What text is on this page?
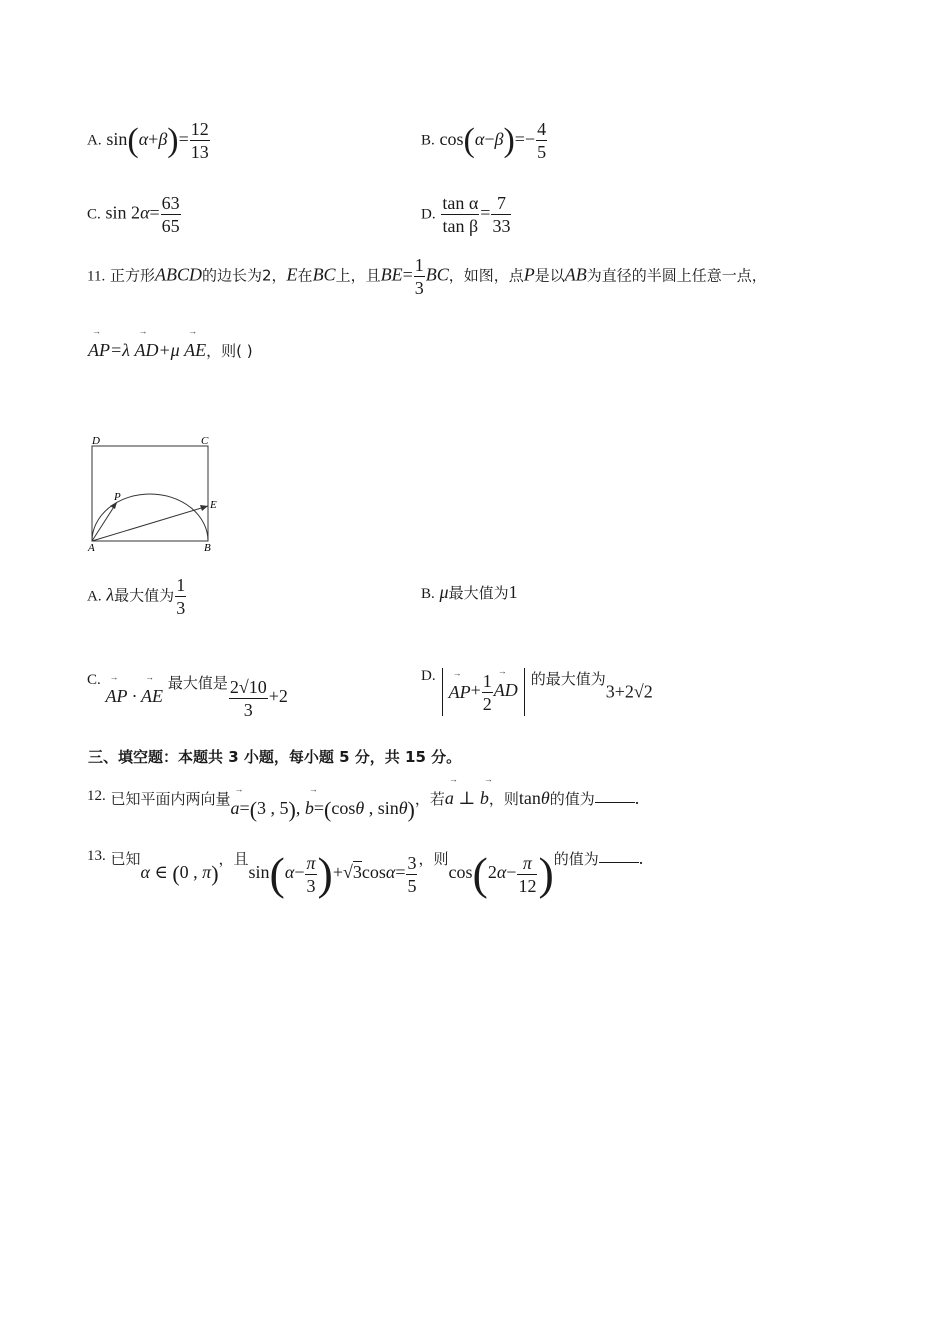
A. $\sin(\alpha+\beta)= \frac{12}{13}$	B. $\cos(\alpha-\beta)=- \frac{4}{5}$
C. $\sin 2\alpha= \frac{63}{65}$	D. $\frac{\text{tan α}}{\text{tan β}} = \frac{7}{33}$
11. 正方形ABCD的边长为2，E在BC上，且$BE= \frac{1}{3}$ BC，如图，点P是以AB为直径的半圆上任意一点，
→ AP=λ → AD+μ → AE，则( )
D	C
P
E
A	B
A. λ最大值为 $\frac{1}{3}$	B. μ最大值为1
C. → AP · → AE 最大值是 $\frac{2√10}{3} +2$
$D.\to AP+ \frac{1}{2}$ → AD的最大值为3+2√2
三、填空题：本题共 3 小题，每小题 5 分，共 15 分。
12. 已知平面内两向量→ a=(3 , 5), → b=(cosθ , sinθ)，若→ a ⊥ → b，则tanθ的值为 .
13. 已知α ∈ (0 , π)，且$\sin(\alpha- \frac{\pi}{3} )+√3\cos\alpha= \frac{3}{5}$ ，则$\cos(2\alpha- \frac{\pi}{12}$ )的值为 .
